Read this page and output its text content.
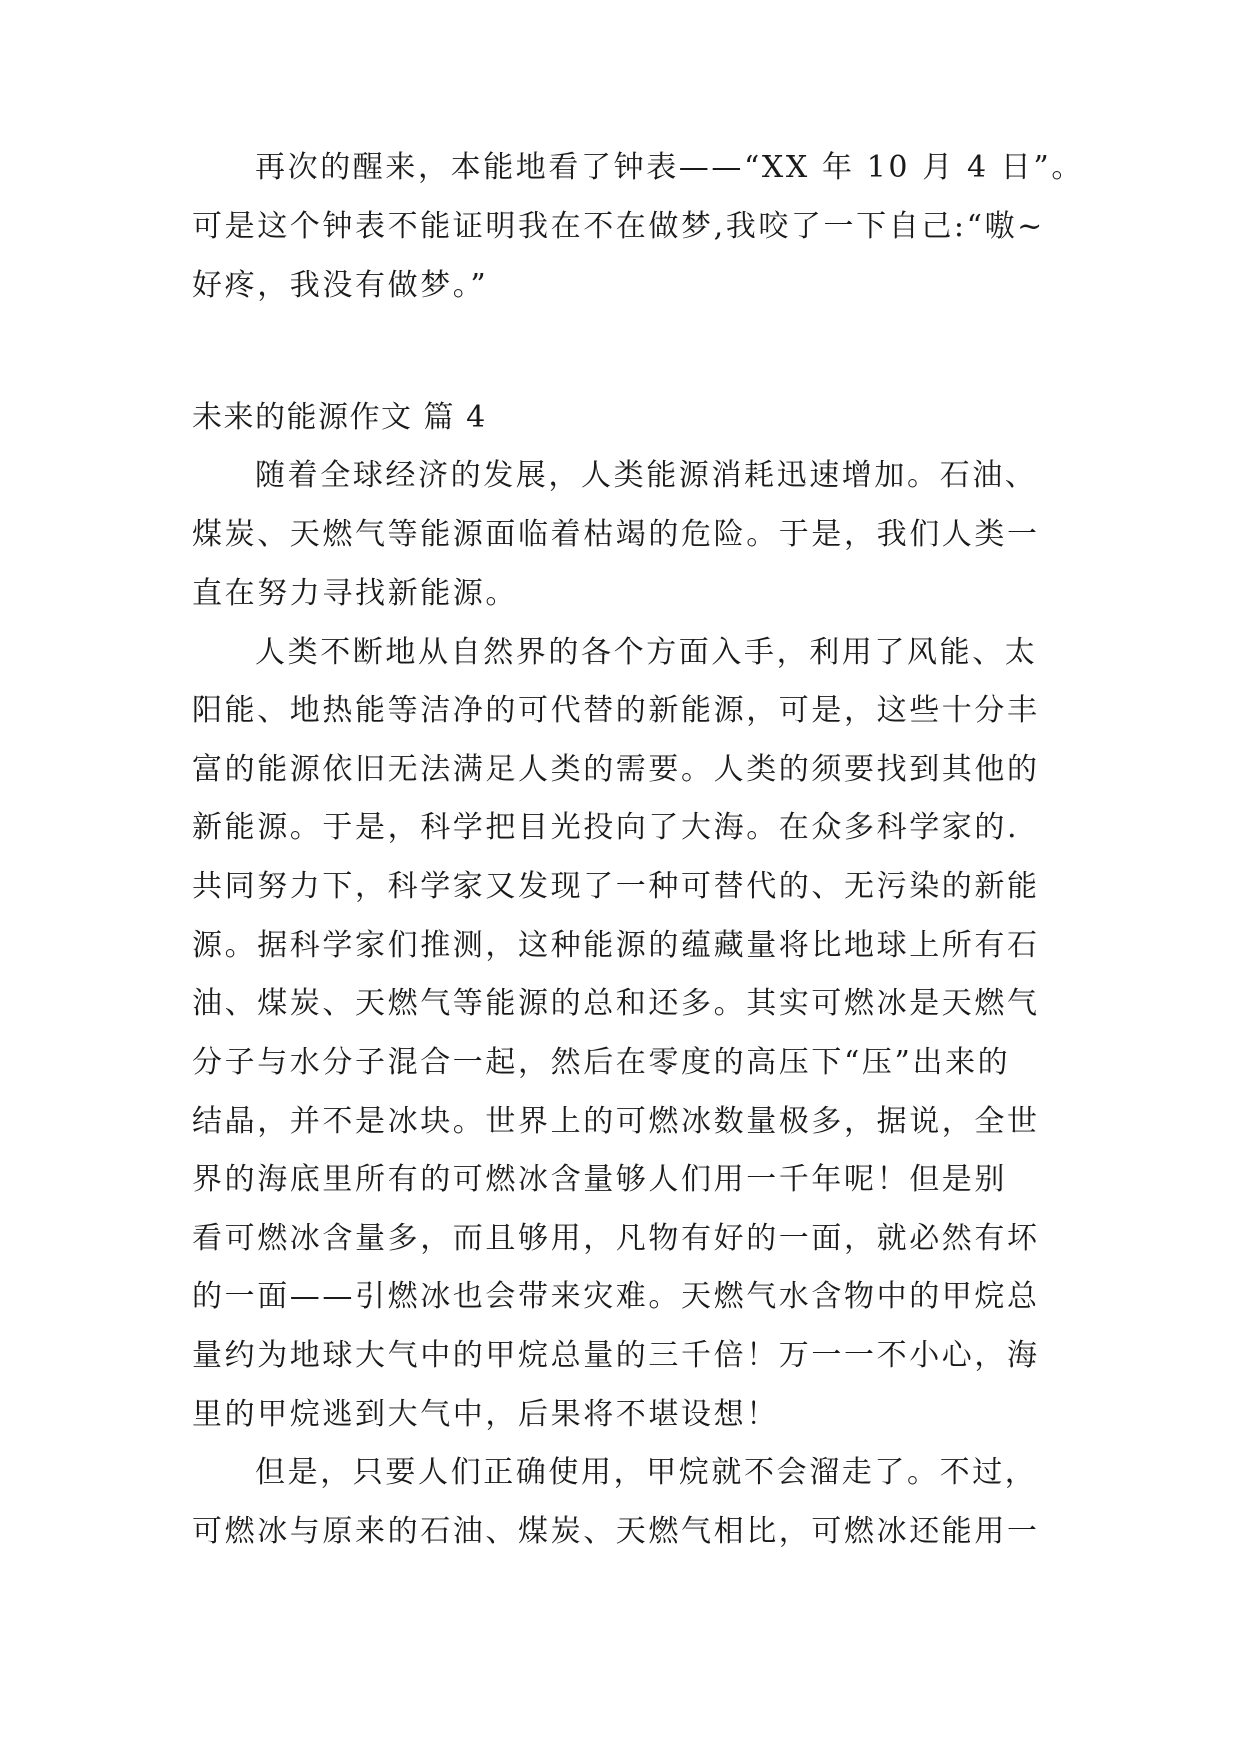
再次的醒来，本能地看了钟表——“XX 年 10 月 4 日”。
可是这个钟表不能证明我在不在做梦,我咬了一下自己:“嗷~
好疼，我没有做梦。”
未来的能源作文 篇 4
随着全球经济的发展，人类能源消耗迅速增加。石油、
煤炭、天燃气等能源面临着枯竭的危险。于是，我们人类一
直在努力寻找新能源。
人类不断地从自然界的各个方面入手，利用了风能、太
阳能、地热能等洁净的可代替的新能源，可是，这些十分丰
富的能源依旧无法满足人类的需要。人类的须要找到其他的
新能源。于是，科学把目光投向了大海。在众多科学家的.
共同努力下，科学家又发现了一种可替代的、无污染的新能
源。据科学家们推测，这种能源的蕴藏量将比地球上所有石
油、煤炭、天燃气等能源的总和还多。其实可燃冰是天燃气
分子与水分子混合一起，然后在零度的高压下“压”出来的
结晶，并不是冰块。世界上的可燃冰数量极多，据说，全世
界的海底里所有的可燃冰含量够人们用一千年呢！但是别
看可燃冰含量多，而且够用，凡物有好的一面，就必然有坏
的一面——引燃冰也会带来灾难。天燃气水含物中的甲烷总
量约为地球大气中的甲烷总量的三千倍！万一一不小心，海
里的甲烷逃到大气中，后果将不堪设想！
但是，只要人们正确使用，甲烷就不会溜走了。不过，
可燃冰与原来的石油、煤炭、天燃气相比，可燃冰还能用一
